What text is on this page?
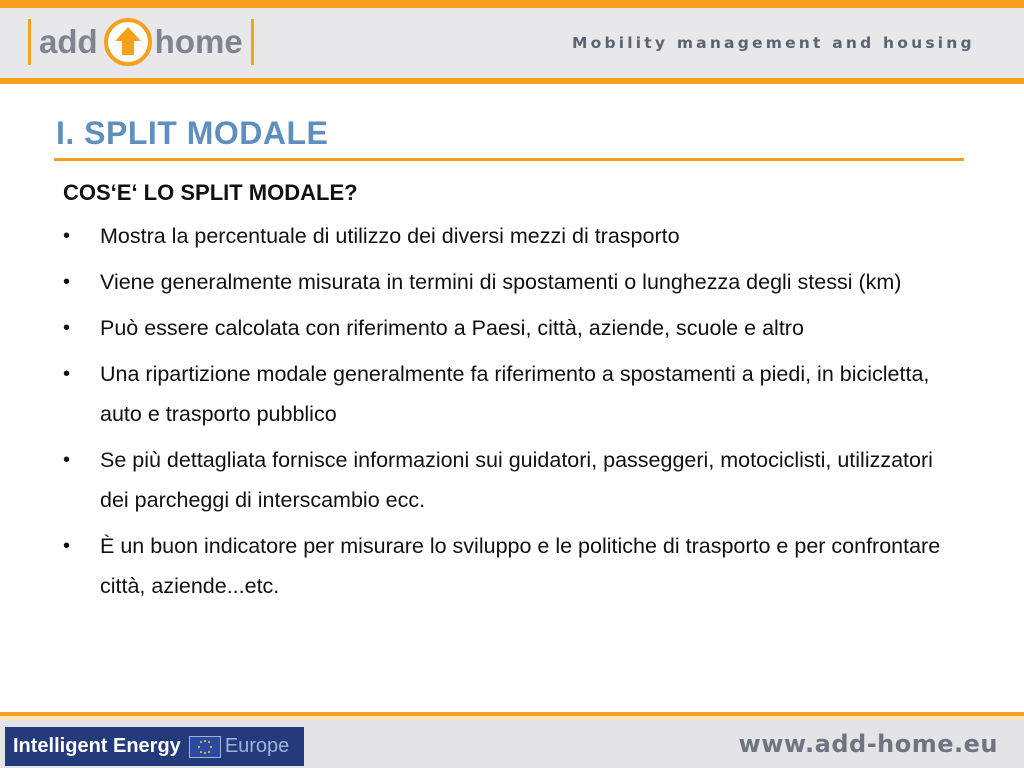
add home	Mobility management and housing
I. SPLIT MODALE
COS‘E‘ LO SPLIT MODALE?
• Mostra la percentuale di utilizzo dei diversi mezzi di trasporto
• Viene generalmente misurata in termini di spostamenti o lunghezza degli stessi (km)
• Può essere calcolata con riferimento a Paesi, città, aziende, scuole e altro
• Una ripartizione modale generalmente fa riferimento a spostamenti a piedi, in bicicletta, auto e trasporto pubblico
• Se più dettagliata fornisce informazioni sui guidatori, passeggeri, motociclisti, utilizzatori dei parcheggi di interscambio ecc.
• È un buon indicatore per misurare lo sviluppo e le politiche di trasporto e per confrontare città, aziende...etc.
Intelligent Energy Europe	www.add-home.eu
